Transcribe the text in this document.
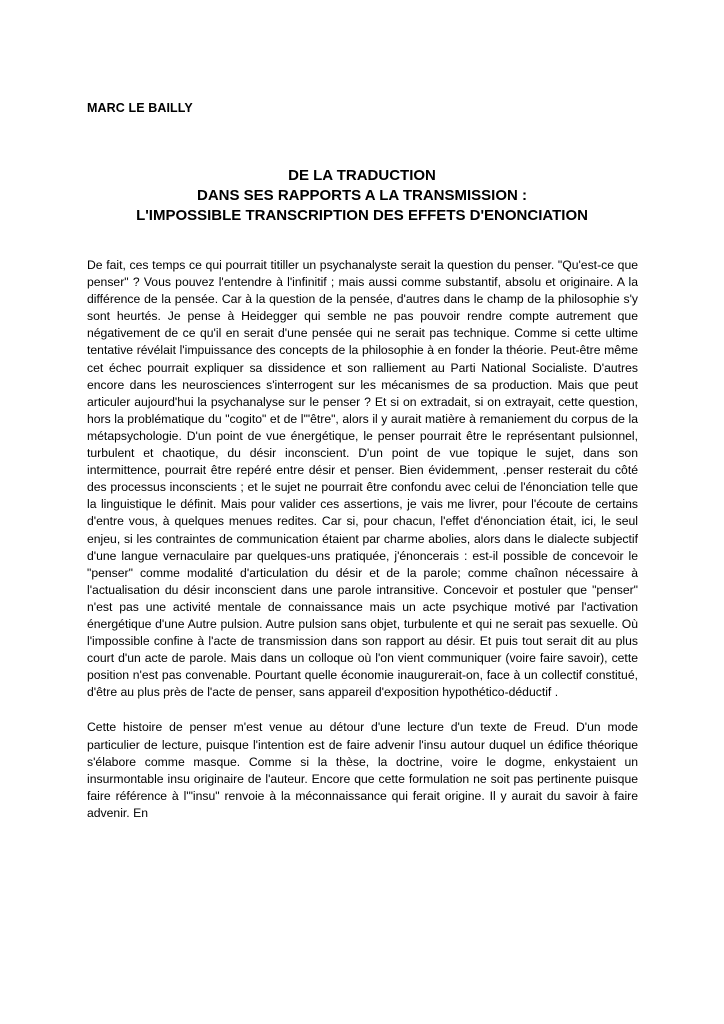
MARC LE BAILLY
DE LA TRADUCTION
DANS SES RAPPORTS A LA TRANSMISSION :
L'IMPOSSIBLE TRANSCRIPTION DES EFFETS D'ENONCIATION

De fait, ces temps ce qui pourrait titiller un psychanalyste serait la question du penser. "Qu'est-ce que penser" ? Vous pouvez l'entendre à l'infinitif ; mais aussi comme substantif, absolu et originaire. A la différence de la pensée. Car à la question de la pensée, d'autres dans le champ de la philosophie s'y sont heurtés. Je pense à Heidegger qui semble ne pas pouvoir rendre compte autrement que négativement de ce qu'il en serait d'une pensée qui ne serait pas technique. Comme si cette ultime tentative révélait l'impuissance des concepts de la philosophie à en fonder la théorie. Peut-être même cet échec pourrait expliquer sa dissidence et son ralliement au Parti National Socialiste. D'autres encore dans les neurosciences s'interrogent sur les mécanismes de sa production. Mais que peut articuler aujourd'hui la psychanalyse sur le penser ? Et si on extradait, si on extrayait, cette question, hors la problématique du "cogito" et de l'"être", alors il y aurait matière à remaniement du corpus de la métapsychologie. D'un point de vue énergétique, le penser pourrait être le représentant pulsionnel, turbulent et chaotique, du désir inconscient. D'un point de vue topique le sujet, dans son intermittence, pourrait être repéré entre désir et penser. Bien évidemment, .penser resterait du côté des processus inconscients ; et le sujet ne pourrait être confondu avec celui de l'énonciation telle que la linguistique le définit. Mais pour valider ces assertions, je vais me livrer, pour l'écoute de certains d'entre vous, à quelques menues redites. Car si, pour chacun, l'effet d'énonciation était, ici, le seul enjeu, si les contraintes de communication étaient par charme abolies, alors dans le dialecte subjectif d'une langue vernaculaire par quelques-uns pratiquée, j'énoncerais : est-il possible de concevoir le "penser" comme modalité d'articulation du désir et de la parole; comme chaînon nécessaire à l'actualisation du désir inconscient dans une parole intransitive. Concevoir et postuler que "penser" n'est pas une activité mentale de connaissance mais un acte psychique motivé par l'activation énergétique d'une Autre pulsion. Autre pulsion sans objet, turbulente et qui ne serait pas sexuelle. Où l'impossible confine à l'acte de transmission dans son rapport au désir. Et puis tout serait dit au plus court d'un acte de parole. Mais dans un colloque où l'on vient communiquer (voire faire savoir), cette position n'est pas convenable. Pourtant quelle économie inaugurerait-on, face à un collectif constitué, d'être au plus près de l'acte de penser, sans appareil d'exposition hypothético-déductif .

Cette histoire de penser m'est venue au détour d'une lecture d'un texte de Freud. D'un mode particulier de lecture, puisque l'intention est de faire advenir l'insu autour duquel un édifice théorique s'élabore comme masque. Comme si la thèse, la doctrine, voire le dogme, enkystaient un insurmontable insu originaire de l'auteur. Encore que cette formulation ne soit pas pertinente puisque faire référence à l'"insu" renvoie à la méconnaissance qui ferait origine. Il y aurait du savoir à faire advenir. En
